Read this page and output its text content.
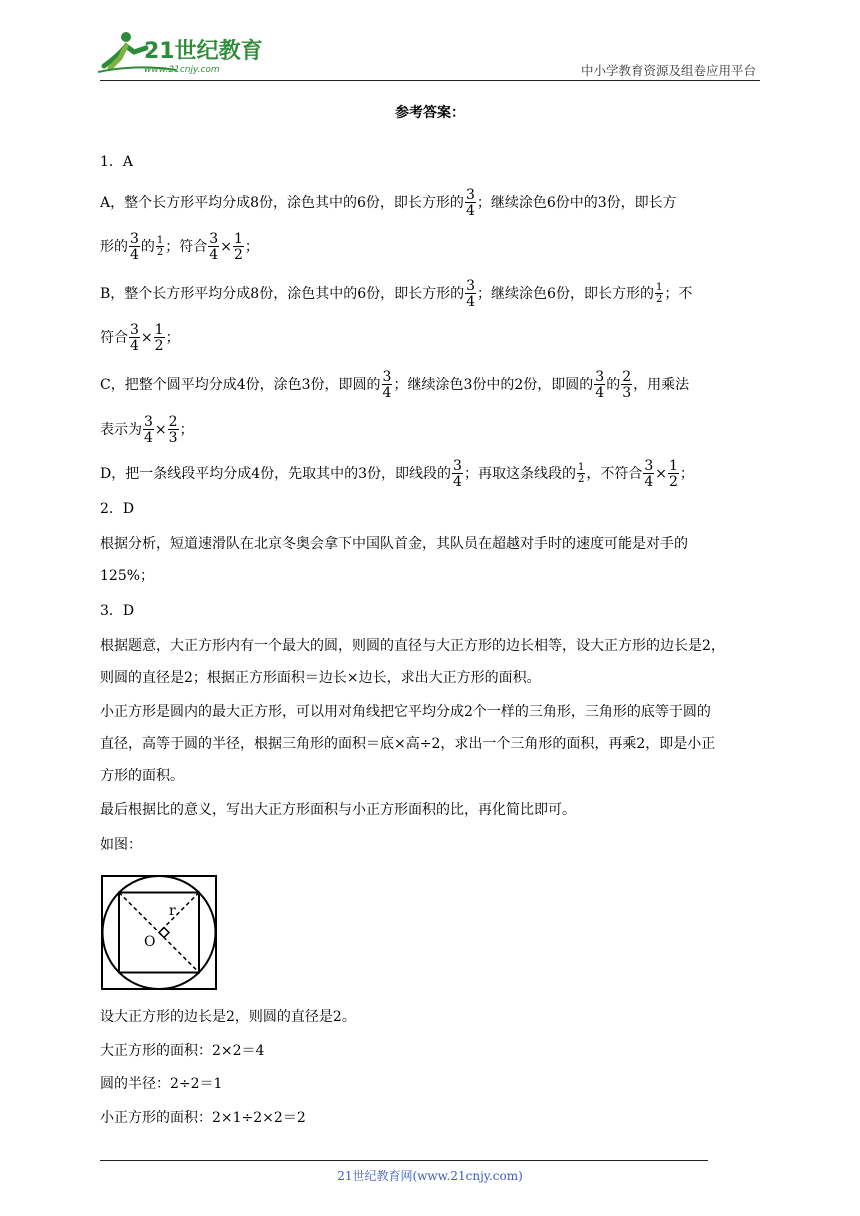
21世纪教育
www.21cnjy.com	中小学教育资源及组卷应用平台
参考答案：
1．A
A，整个长方形平均分成8份，涂色其中的6份，即长方形的 $\frac{3}{4}$ ；继续涂色6份中的3份，即长方
形的 $\frac{3}{4}$ 的 $\frac{1}{2}$ ；符合 $\frac{3}{4} \times \frac{1}{2}$ ；
B，整个长方形平均分成8份，涂色其中的6份，即长方形的 $\frac{3}{4}$ ；继续涂色6份，即长方形的 $\frac{1}{2}$ ；不
符合 $\frac{3}{4} \times \frac{1}{2}$ ；
C，把整个圆平均分成4份，涂色3份，即圆的 $\frac{3}{4}$ ；继续涂色3份中的2份，即圆的 $\frac{3}{4}$ 的 $\frac{2}{3}$ ，用乘法
表示为 $\frac{3}{4} \times \frac{2}{3}$ ；
D，把一条线段平均分成4份，先取其中的3份，即线段的 $\frac{3}{4}$ ；再取这条线段的 $\frac{1}{2}$ ，不符合 $\frac{3}{4} \times \frac{1}{2}$ ；
2．D
根据分析，短道速滑队在北京冬奥会拿下中国队首金，其队员在超越对手时的速度可能是对手的
125%；
3．D
根据题意，大正方形内有一个最大的圆，则圆的直径与大正方形的边长相等，设大正方形的边长是2，
则圆的直径是2；根据正方形面积＝边长×边长，求出大正方形的面积。
小正方形是圆内的最大正方形，可以用对角线把它平均分成2个一样的三角形，三角形的底等于圆的
直径，高等于圆的半径，根据三角形的面积＝底×高÷2，求出一个三角形的面积，再乘2，即是小正
方形的面积。
最后根据比的意义，写出大正方形面积与小正方形面积的比，再化简比即可。
如图：
r
O
设大正方形的边长是2，则圆的直径是2。
大正方形的面积：2×2＝4
圆的半径：2÷2＝1
小正方形的面积：2×1÷2×2＝2
21世纪教育网(www.21cnjy.com)
